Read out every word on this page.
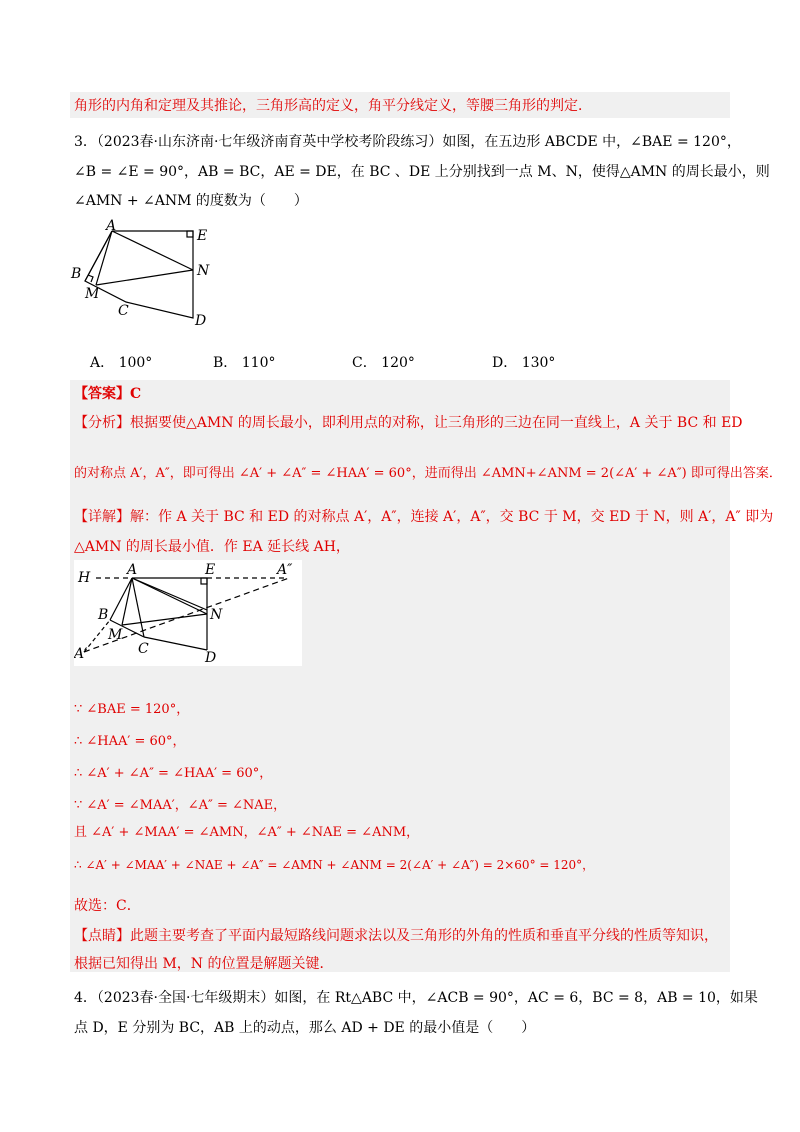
角形的内角和定理及其推论，三角形高的定义，角平分线定义，等腰三角形的判定．
3．（2023春·山东济南·七年级济南育英中学校考阶段练习）如图，在五边形 ABCDE 中，∠BAE = 120°，
∠B = ∠E = 90°，AB = BC，AE = DE，在 BC 、DE 上分别找到一点 M、N，使得△AMN 的周长最小，则
∠AMN + ∠ANM 的度数为（　　）
A
E
B	N
M
C
D
A． 100°	B． 110°	C． 120°	D． 130°
【答案】C
【分析】根据要使△AMN 的周长最小，即利用点的对称，让三角形的三边在同一直线上，A 关于 BC 和 ED
的对称点 A′，A″，即可得出 ∠A′ + ∠A″ = ∠HAA′ = 60°，进而得出 ∠AMN+∠ANM = 2(∠A′ + ∠A″) 即可得出答案．
【详解】解：作 A 关于 BC 和 ED 的对称点 A′，A″，连接 A′，A″，交 BC 于 M，交 ED 于 N，则 A′，A″ 即为
△AMN 的周长最小值．作 EA 延长线 AH，
H	A	E	A″
B	N
M
A′	C
D
∵ ∠BAE = 120°，
∴ ∠HAA′ = 60°，
∴ ∠A′ + ∠A″ = ∠HAA′ = 60°，
∵ ∠A′ = ∠MAA′，∠A″ = ∠NAE，
且 ∠A′ + ∠MAA′ = ∠AMN，∠A″ + ∠NAE = ∠ANM，
∴ ∠A′ + ∠MAA′ + ∠NAE + ∠A″ = ∠AMN + ∠ANM = 2(∠A′ + ∠A″) = 2×60° = 120°，
故选：C．
【点睛】此题主要考查了平面内最短路线问题求法以及三角形的外角的性质和垂直平分线的性质等知识，
根据已知得出 M，N 的位置是解题关键．
4．（2023春·全国·七年级期末）如图，在 Rt△ABC 中，∠ACB = 90°，AC = 6，BC = 8，AB = 10，如果
点 D，E 分别为 BC，AB 上的动点，那么 AD + DE 的最小值是（　　）
